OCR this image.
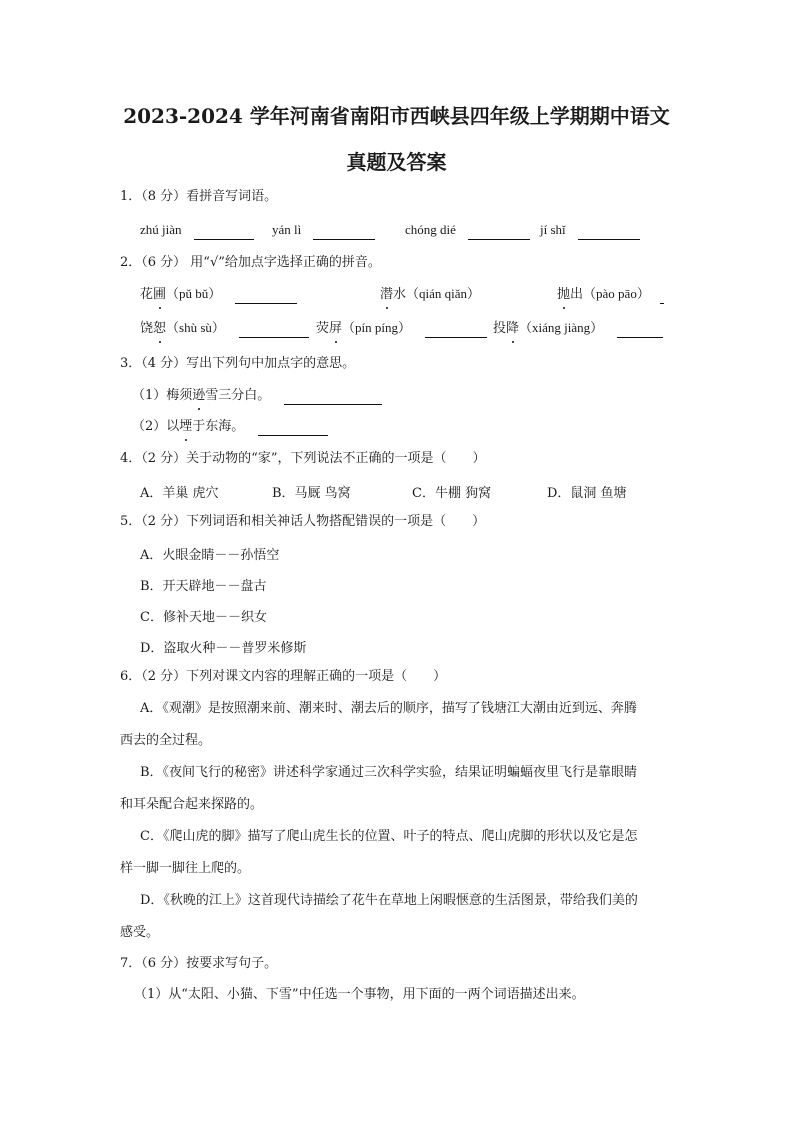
2023-2024 学年河南省南阳市西峡县四年级上学期期中语文
真题及答案
1．（8 分）看拼音写词语。
zhú jiàn	yán lì	chóng dié	jí shǐ
2．（6 分） 用“√”给加点字选择正确的拼音。
花圃（pǔ bǔ）	潜水（qián qiǎn）	抛出（pào pāo）
饶恕（shù sù）	荧屏（pín píng）	投降（xiáng jiàng）
3．（4 分）写出下列句中加点字的意思。
（1）梅须逊雪三分白。
（2）以堙于东海。
4．（2 分）关于动物的“家”，下列说法不正确的一项是（　　）
A．羊巢 虎穴	B．马厩 鸟窝	C．牛棚 狗窝	D．鼠洞 鱼塘
5．（2 分）下列词语和相关神话人物搭配错误的一项是（　　）
A．火眼金睛－－孙悟空
B．开天辟地－－盘古
C．修补天地－－织女
D．盗取火种－－普罗米修斯
6．（2 分）下列对课文内容的理解正确的一项是（　　）
A．《观潮》是按照潮来前、潮来时、潮去后的顺序，描写了钱塘江大潮由近到远、奔腾
西去的全过程。
B．《夜间飞行的秘密》讲述科学家通过三次科学实验，结果证明蝙蝠夜里飞行是靠眼睛
和耳朵配合起来探路的。
C．《爬山虎的脚》描写了爬山虎生长的位置、叶子的特点、爬山虎脚的形状以及它是怎
样一脚一脚往上爬的。
D．《秋晚的江上》这首现代诗描绘了花牛在草地上闲暇惬意的生活图景，带给我们美的
感受。
7．（6 分）按要求写句子。
（1）从“太阳、小猫、下雪”中任选一个事物，用下面的一两个词语描述出来。
